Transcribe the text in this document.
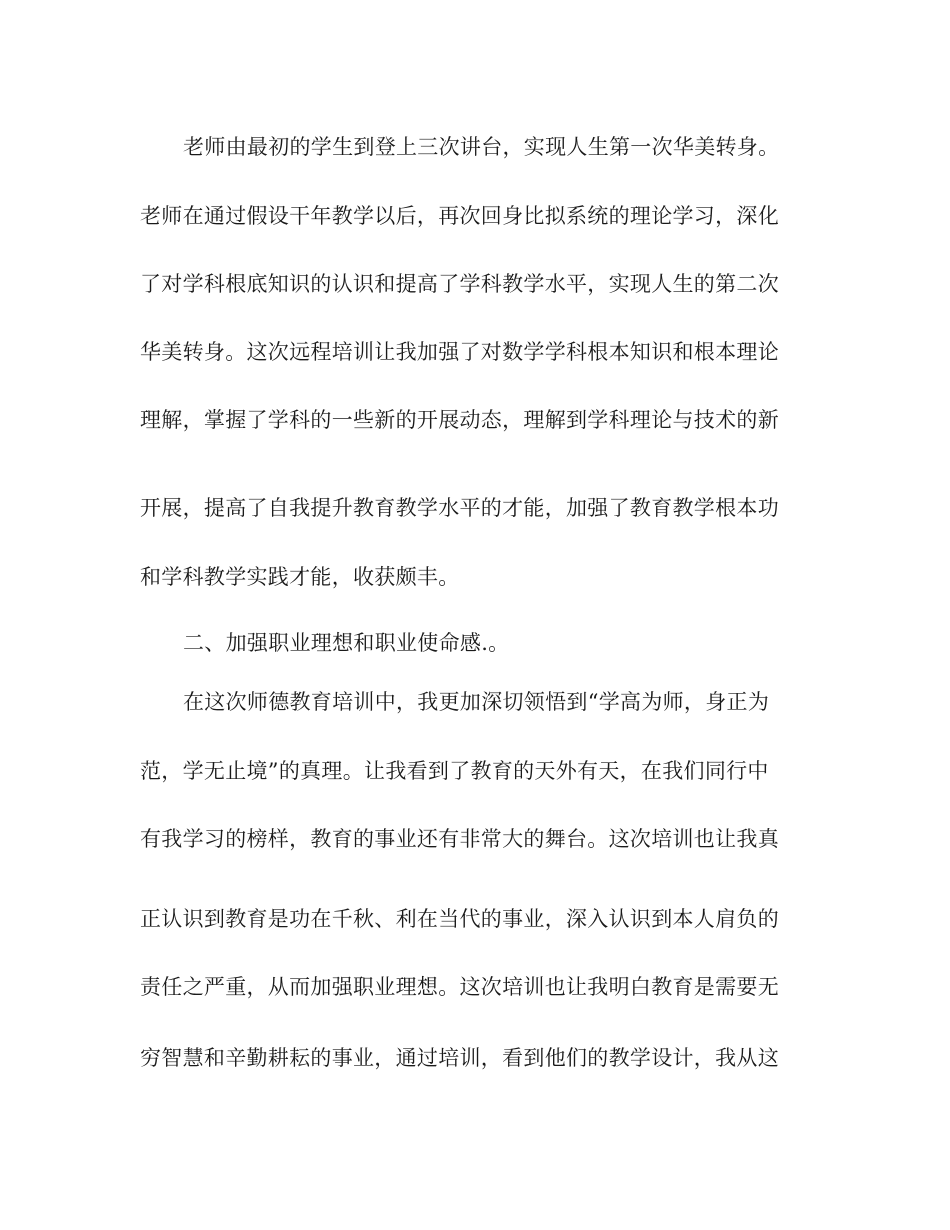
老师由最初的学生到登上三次讲台，实现人生第一次华美转身。
老师在通过假设干年教学以后，再次回身比拟系统的理论学习，深化
了对学科根底知识的认识和提高了学科教学水平，实现人生的第二次
华美转身。这次远程培训让我加强了对数学学科根本知识和根本理论
理解，掌握了学科的一些新的开展动态，理解到学科理论与技术的新
开展，提高了自我提升教育教学水平的才能，加强了教育教学根本功
和学科教学实践才能，收获颇丰。
二、加强职业理想和职业使命感.。
在这次师德教育培训中，我更加深切领悟到“学高为师，身正为
范，学无止境”的真理。让我看到了教育的天外有天，在我们同行中
有我学习的榜样，教育的事业还有非常大的舞台。这次培训也让我真
正认识到教育是功在千秋、利在当代的事业，深入认识到本人肩负的
责任之严重，从而加强职业理想。这次培训也让我明白教育是需要无
穷智慧和辛勤耕耘的事业，通过培训，看到他们的教学设计，我从这
